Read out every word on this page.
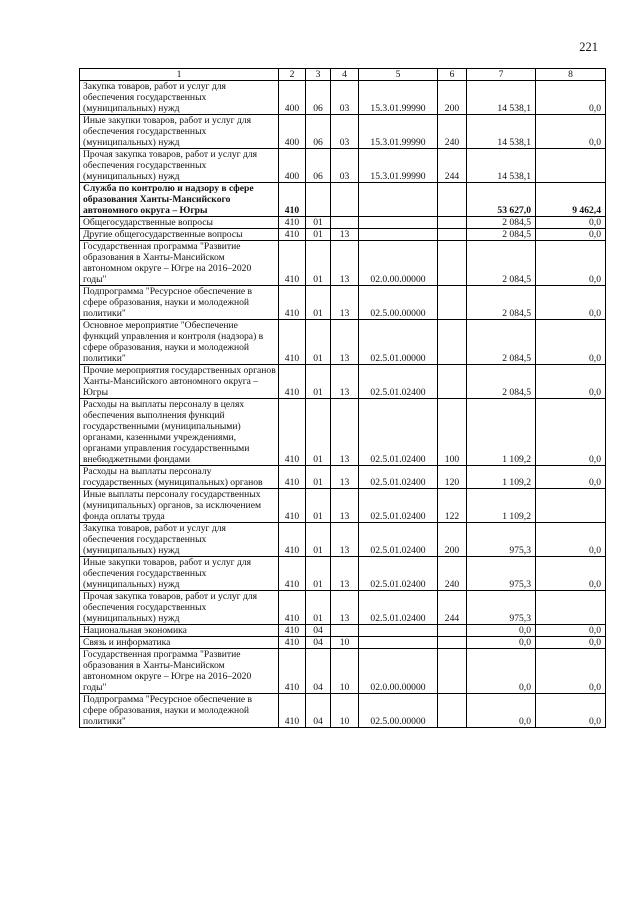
221
1	2	3	4	5	6	7	8
Закупка товаров, работ и услуг для обеспечения государственных (муниципальных) нужд	400	06	03	15.3.01.99990	200	14 538,1	0,0
Иные закупки товаров, работ и услуг для обеспечения государственных (муниципальных) нужд	400	06	03	15.3.01.99990	240	14 538,1	0,0
Прочая закупка товаров, работ и услуг для обеспечения государственных (муниципальных) нужд	400	06	03	15.3.01.99990	244	14 538,1	
Служба по контролю и надзору в сфере образования Ханты-Мансийского автономного округа – Югры	410					53 627,0	9 462,4
Общегосударственные вопросы	410	01				2 084,5	0,0
Другие общегосударственные вопросы	410	01	13			2 084,5	0,0
Государственная программа "Развитие образования в Ханты-Мансийском автономном округе – Югре на 2016–2020 годы"	410	01	13	02.0.00.00000		2 084,5	0,0
Подпрограмма "Ресурсное обеспечение в сфере образования, науки и молодежной политики"	410	01	13	02.5.00.00000		2 084,5	0,0
Основное мероприятие "Обеспечение функций управления и контроля (надзора) в сфере образования, науки и молодежной политики"	410	01	13	02.5.01.00000		2 084,5	0,0
Прочие мероприятия государственных органов Ханты-Мансийского автономного округа – Югры	410	01	13	02.5.01.02400		2 084,5	0,0
Расходы на выплаты персоналу в целях обеспечения выполнения функций государственными (муниципальными) органами, казенными учреждениями, органами управления государственными внебюджетными фондами	410	01	13	02.5.01.02400	100	1 109,2	0,0
Расходы на выплаты персоналу государственных (муниципальных) органов	410	01	13	02.5.01.02400	120	1 109,2	0,0
Иные выплаты персоналу государственных (муниципальных) органов, за исключением фонда оплаты труда	410	01	13	02.5.01.02400	122	1 109,2	
Закупка товаров, работ и услуг для обеспечения государственных (муниципальных) нужд	410	01	13	02.5.01.02400	200	975,3	0,0
Иные закупки товаров, работ и услуг для обеспечения государственных (муниципальных) нужд	410	01	13	02.5.01.02400	240	975,3	0,0
Прочая закупка товаров, работ и услуг для обеспечения государственных (муниципальных) нужд	410	01	13	02.5.01.02400	244	975,3	
Национальная экономика	410	04				0,0	0,0
Связь и информатика	410	04	10			0,0	0,0
Государственная программа "Развитие образования в Ханты-Мансийском автономном округе – Югре на 2016–2020 годы"	410	04	10	02.0.00.00000		0,0	0,0
Подпрограмма "Ресурсное обеспечение в сфере образования, науки и молодежной политики"	410	04	10	02.5.00.00000		0,0	0,0
